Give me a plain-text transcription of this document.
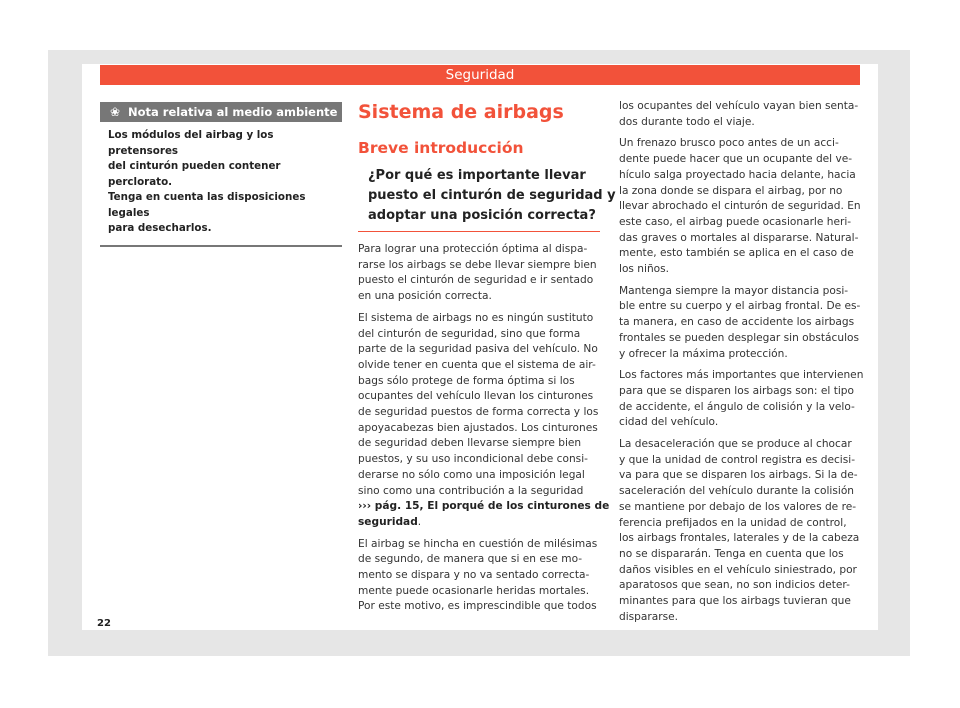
Seguridad
❀ Nota relativa al medio ambiente
Los módulos del airbag y los pretensores
del cinturón pueden contener perclorato.
Tenga en cuenta las disposiciones legales
para desecharlos.
Sistema de airbags
Breve introducción
¿Por qué es importante llevar
puesto el cinturón de seguridad y
adoptar una posición correcta?

Para lograr una protección óptima al dispa-
rarse los airbags se debe llevar siempre bien
puesto el cinturón de seguridad e ir sentado
en una posición correcta.

El sistema de airbags no es ningún sustituto
del cinturón de seguridad, sino que forma
parte de la seguridad pasiva del vehículo. No
olvide tener en cuenta que el sistema de air-
bags sólo protege de forma óptima si los
ocupantes del vehículo llevan los cinturones
de seguridad puestos de forma correcta y los
apoyacabezas bien ajustados. Los cinturones
de seguridad deben llevarse siempre bien
puestos, y su uso incondicional debe consi-
derarse no sólo como una imposición legal
sino como una contribución a la seguridad
››› pág. 15, El porqué de los cinturones de
seguridad.

El airbag se hincha en cuestión de milésimas
de segundo, de manera que si en ese mo-
mento se dispara y no va sentado correcta-
mente puede ocasionarle heridas mortales.
Por este motivo, es imprescindible que todos

los ocupantes del vehículo vayan bien senta-
dos durante todo el viaje.

Un frenazo brusco poco antes de un acci-
dente puede hacer que un ocupante del ve-
hículo salga proyectado hacia delante, hacia
la zona donde se dispara el airbag, por no
llevar abrochado el cinturón de seguridad. En
este caso, el airbag puede ocasionarle heri-
das graves o mortales al dispararse. Natural-
mente, esto también se aplica en el caso de
los niños.

Mantenga siempre la mayor distancia posi-
ble entre su cuerpo y el airbag frontal. De es-
ta manera, en caso de accidente los airbags
frontales se pueden desplegar sin obstáculos
y ofrecer la máxima protección.

Los factores más importantes que intervienen
para que se disparen los airbags son: el tipo
de accidente, el ángulo de colisión y la velo-
cidad del vehículo.

La desaceleración que se produce al chocar
y que la unidad de control registra es decisi-
va para que se disparen los airbags. Si la de-
saceleración del vehículo durante la colisión
se mantiene por debajo de los valores de re-
ferencia prefijados en la unidad de control,
los airbags frontales, laterales y de la cabeza
no se dispararán. Tenga en cuenta que los
daños visibles en el vehículo siniestrado, por
aparatosos que sean, no son indicios deter-
minantes para que los airbags tuvieran que
dispararse.

22
